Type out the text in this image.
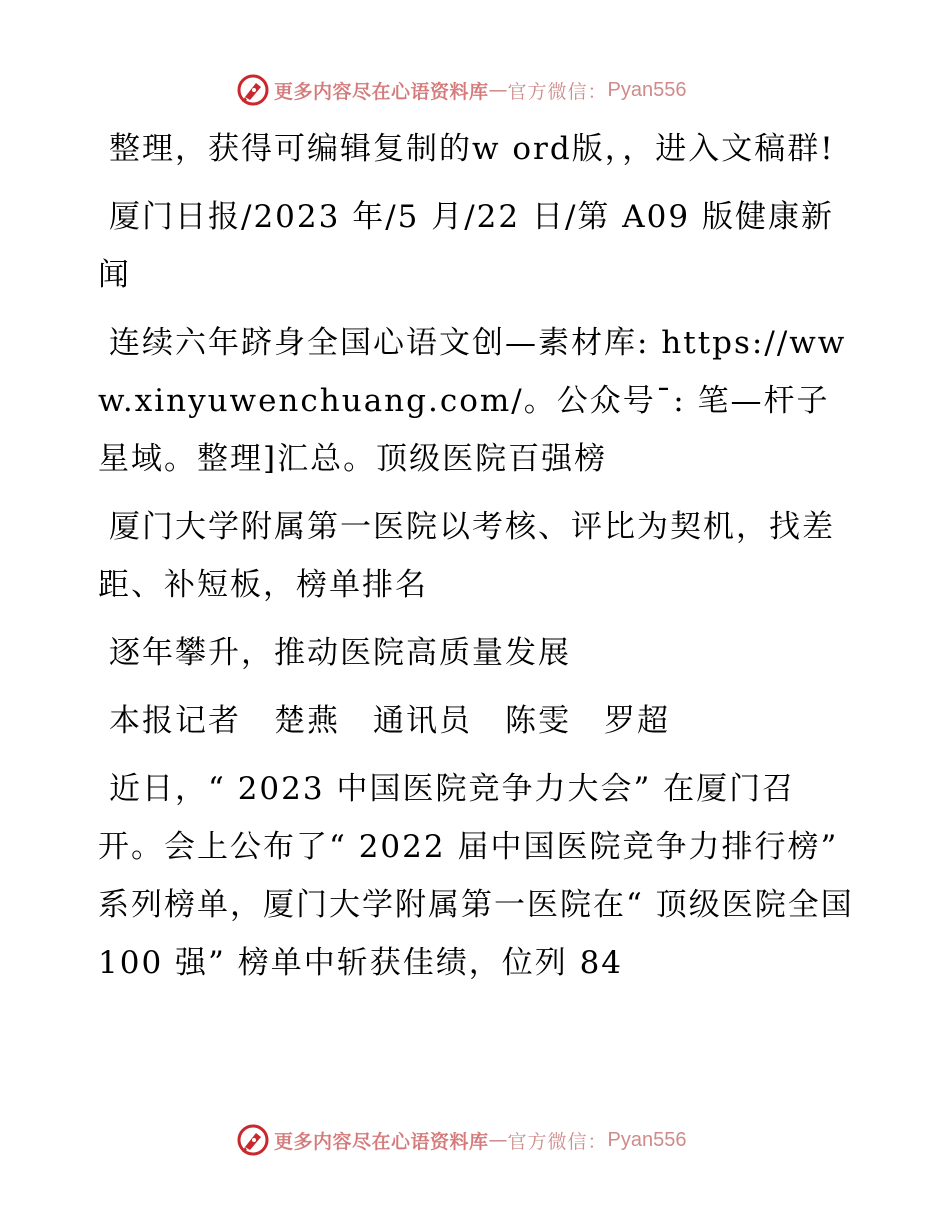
更多内容尽在心语资料库 — 官方微信： Pyan556

整理，获得可编辑复制的w ord版，，进入文稿群!

厦门日报/2023 年/5 月/22 日/第 A09 版健康新闻

连续六年跻身全国心语文创—素材库: https://www.xinyuwenchuang.com/。公众号¯: 笔—杆子星域。整理]汇总。顶级医院百强榜

厦门大学附属第一医院以考核、评比为契机，找差距、补短板，榜单排名

逐年攀升，推动医院高质量发展

本报记者　楚燕　通讯员　陈雯　罗超

近日，“ 2023 中国医院竞争力大会” 在厦门召开。会上公布了“ 2022 届中国医院竞争力排行榜” 系列榜单，厦门大学附属第一医院在“ 顶级医院全国 100 强” 榜单中斩获佳绩，位列 84

更多内容尽在心语资料库 — 官方微信： Pyan556
